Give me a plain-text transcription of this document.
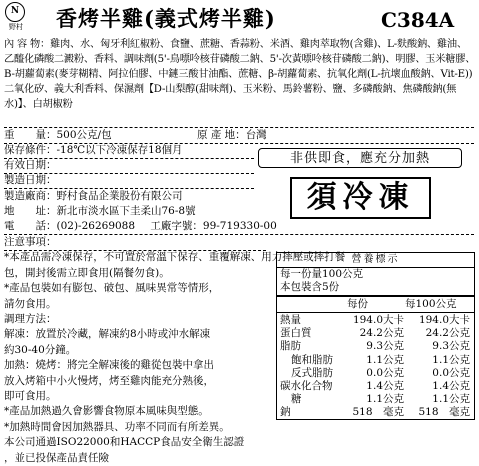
N
野村 香烤半雞(義式烤半雞)	C384A
內 容 物：雞肉、水、匈牙利紅椒粉、食鹽、蔗糖、香蒜粉、米酒、雞肉萃取物(含雞)、L-麩酸鈉、雞油、乙醯化磷酸二澱粉、香料、調味劑(5'-鳥嘌呤核苷磷酸二鈉、5'-次黃嘌呤核苷磷酸二鈉)、明膠、玉米糖膠、B-胡蘿蔔素(麥芽糊精、阿拉伯膠、中鏈三酸甘油酯、蔗糖、β-胡蘿蔔素、抗氧化劑(L-抗壞血酸鈉、Vit-E))二氧化矽、義大利香料、保濕劑【D-山梨醇(甜味劑)、玉米粉、馬鈴薯粉、鹽、多磷酸鈉、焦磷酸鈉(無水)】、白胡椒粉
重　　量：500公克/包	原 產 地：台灣
保存條件：-18℃以下冷凍保存18個月
有效日期：
製造日期：
製造廠商：野村食品企業股份有限公司
地　　址：新北市淡水區下圭柔山76-8號
電　　話：(02)-26269088 工廠字號：99-719330-00
非供即食，應充分加熱
須冷凍
注意事項：
*本產品需冷凍保存，不可置於常溫下保存、重覆解凍、用力摔壓或摔打餐
包，開封後需立即食用(隔餐勿食)。
*產品包裝如有膨包、破包、風味異常等情形，
請勿食用。
調理方法：
解凍：放置於冷藏，解凍約8小時或沖水解凍
約30-40分鐘。
加熱：燒烤：將完全解凍後的雞從包裝中拿出
放入烤箱中小火慢烤，烤至雞肉能充分熟後，
即可食用。
*產品加熱過久會影響食物原本風味與型態。
*加熱時間會因加熱器具、功率不同而有所差異。
本公司通過ISO22000和HACCP食品安全衛生認證
，並已投保產品責任險
營養標示
每一份量100公克
本包裝含5份
每份	每100公克
熱量	194.0大卡 194.0大卡
蛋白質	24.2公克 24.2公克
脂肪	9.3公克	9.3公克
飽和脂肪	1.1公克	1.1公克
反式脂肪	0.0公克	0.0公克
碳水化合物	1.4公克	1.4公克
糖	1.1公克	1.1公克
鈉	518　毫克 518　毫克
